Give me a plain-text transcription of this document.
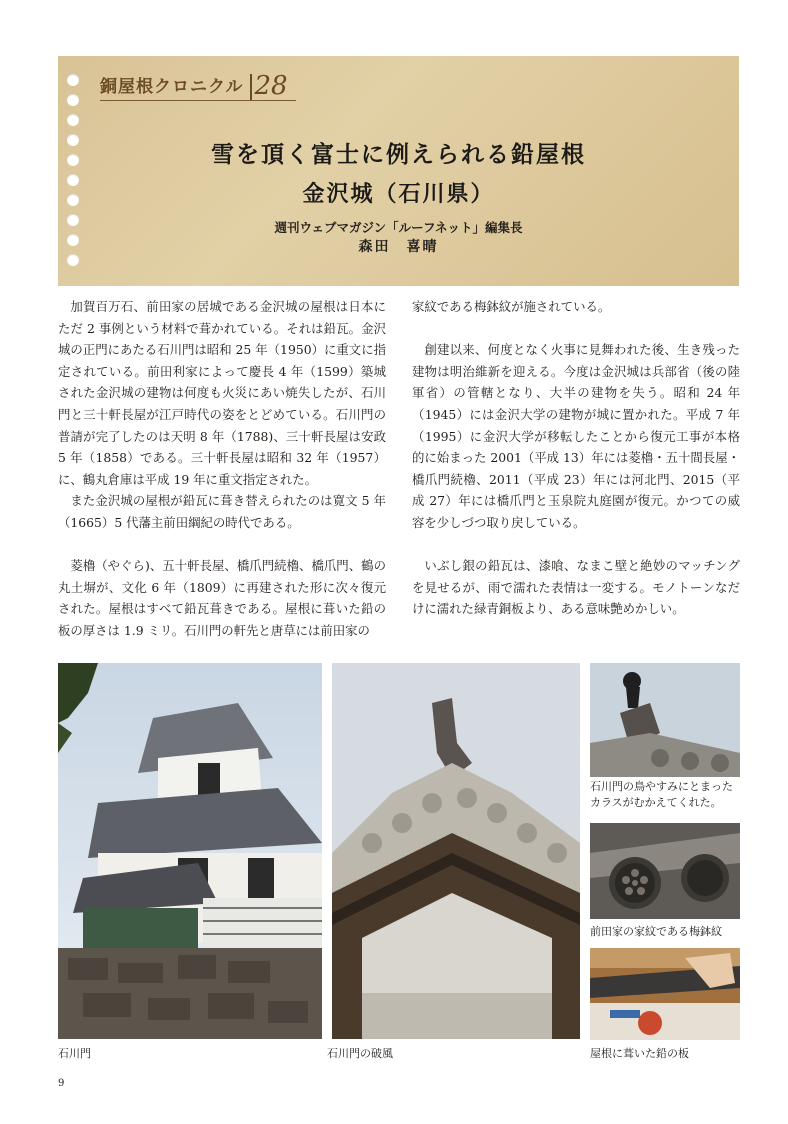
銅屋根クロニクル 28
雪を頂く富士に例えられる鉛屋根
金沢城（石川県）
週刊ウェブマガジン「ルーフネット」編集長
森田　喜晴

加賀百万石、前田家の居城である金沢城の屋根は日本にただ 2 事例という材料で葺かれている。それは鉛瓦。金沢城の正門にあたる石川門は昭和 25 年（1950）に重文に指定されている。前田利家によって慶長 4 年（1599）築城された金沢城の建物は何度も火災にあい焼失したが、石川門と三十軒長屋が江戸時代の姿をとどめている。石川門の普請が完了したのは天明 8 年（1788)、三十軒長屋は安政 5 年（1858）である。三十軒長屋は昭和 32 年（1957）に、鶴丸倉庫は平成 19 年に重文指定された。

また金沢城の屋根が鉛瓦に葺き替えられたのは寛文 5 年（1665）5 代藩主前田綱紀の時代である。

菱櫓（やぐら)、五十軒長屋、橋爪門続櫓、橋爪門、鶴の丸土塀が、文化 6 年（1809）に再建された形に次々復元された。屋根はすべて鉛瓦葺きである。屋根に葺いた鉛の板の厚さは 1.9 ミリ。石川門の軒先と唐草には前田家の

家紋である梅鉢紋が施されている。

創建以来、何度となく火事に見舞われた後、生き残った建物は明治維新を迎える。今度は金沢城は兵部省（後の陸軍省）の管轄となり、大半の建物を失う。昭和 24 年（1945）には金沢大学の建物が城に置かれた。平成 7 年（1995）に金沢大学が移転したことから復元工事が本格的に始まった 2001（平成 13）年には菱櫓・五十間長屋・橋爪門続櫓、2011（平成 23）年には河北門、2015（平成 27）年には橋爪門と玉泉院丸庭園が復元。かつての威容を少しづつ取り戻している。

いぶし銀の鉛瓦は、漆喰、なまこ壁と絶妙のマッチングを見せるが、雨で濡れた表情は一変する。モノトーンなだけに濡れた緑青銅板より、ある意味艶めかしい。

石川門	石川門の破風
石川門の鳥やすみにとまったカラスがむかえてくれた。
前田家の家紋である梅鉢紋
屋根に葺いた鉛の板
9
